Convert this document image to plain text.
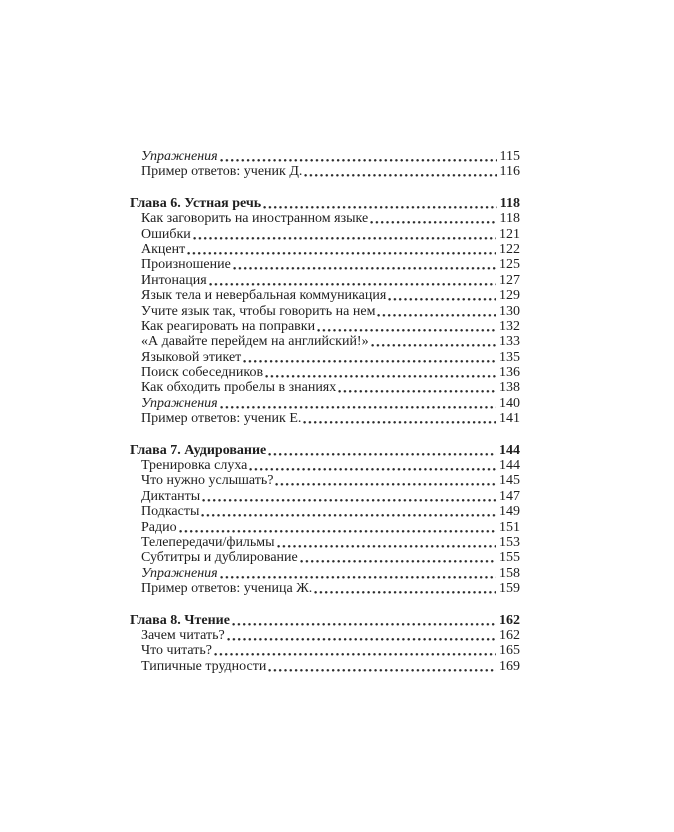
Упражнения	115
Пример ответов: ученик Д.	116
Глава 6. Устная речь	118
Как заговорить на иностранном языке	118
Ошибки	121
Акцент	122
Произношение	125
Интонация	127
Язык тела и невербальная коммуникация	129
Учите язык так, чтобы говорить на нем	130
Как реагировать на поправки	132
«А давайте перейдем на английский!»	133
Языковой этикет	135
Поиск собеседников	136
Как обходить пробелы в знаниях	138
Упражнения	140
Пример ответов: ученик Е.	141
Глава 7. Аудирование	144
Тренировка слуха	144
Что нужно услышать?	145
Диктанты	147
Подкасты	149
Радио	151
Телепередачи/фильмы	153
Субтитры и дублирование	155
Упражнения	158
Пример ответов: ученица Ж.	159
Глава 8. Чтение	162
Зачем читать?	162
Что читать?	165
Типичные трудности	169
